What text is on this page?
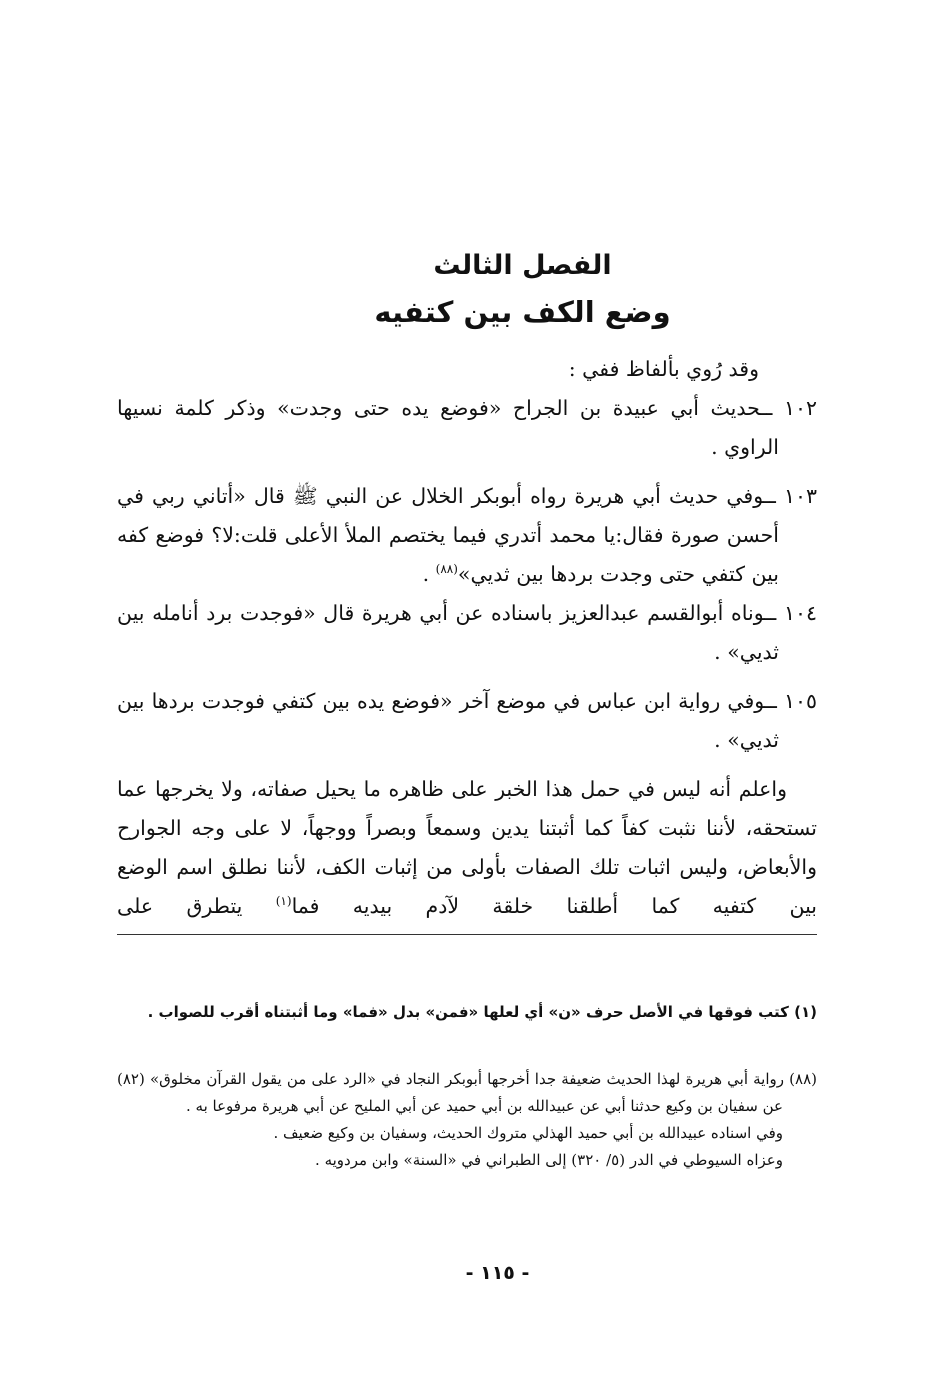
الفصل الثالث
وضع الكف بين كتفيه

وقد رُوي بألفاظ ففي :

١٠٢ ــحديث أبي عبيدة بن الجراح «فوضع يده حتى وجدت» وذكر كلمة نسيها الراوي .

١٠٣ ــوفي حديث أبي هريرة رواه أبوبكر الخلال عن النبي ﷺ قال «أتاني ربي في أحسن صورة فقال:يا محمد أتدري فيما يختصم الملأ الأعلى قلت:لا؟ فوضع كفه بين كتفي حتى وجدت بردها بين ثديي»$^{(٨٨)}$ .

١٠٤ ــوناه أبوالقسم عبدالعزيز باسناده عن أبي هريرة قال «فوجدت برد أنامله بين ثديي» .

١٠٥ ــوفي رواية ابن عباس في موضع آخر «فوضع يده بين كتفي فوجدت بردها بين ثديي» .

واعلم أنه ليس في حمل هذا الخبر على ظاهره ما يحيل صفاته، ولا يخرجها عما تستحقه، لأننا نثبت كفاً كما أثبتنا يدين وسمعاً وبصراً ووجهاً، لا على وجه الجوارح والأبعاض، وليس اثبات تلك الصفات بأولى من إثبات الكف، لأننا نطلق اسم الوضع بين كتفيه كما أطلقنا خلقة لآدم بيديه فما$^{(١)}$ يتطرق على

(١) كتب فوقها في الأصل حرف «ن» أي لعلها «فمن» بدل «فما» وما أثبتناه أقرب للصواب .
(٨٨) رواية أبي هريرة لهذا الحديث ضعيفة جدا أخرجها أبوبكر النجاد في «الرد على من يقول القرآن مخلوق» (٨٢) عن سفيان بن وكيع حدثنا أبي عن عبيدالله بن أبي حميد عن أبي المليح عن أبي هريرة مرفوعا به .
وفي اسناده عبيدالله بن أبي حميد الهذلي متروك الحديث، وسفيان بن وكيع ضعيف .
وعزاه السيوطي في الدر (٥/ ٣٢٠) إلى الطبراني في «السنة» وابن مردويه .
- ١١٥ -
